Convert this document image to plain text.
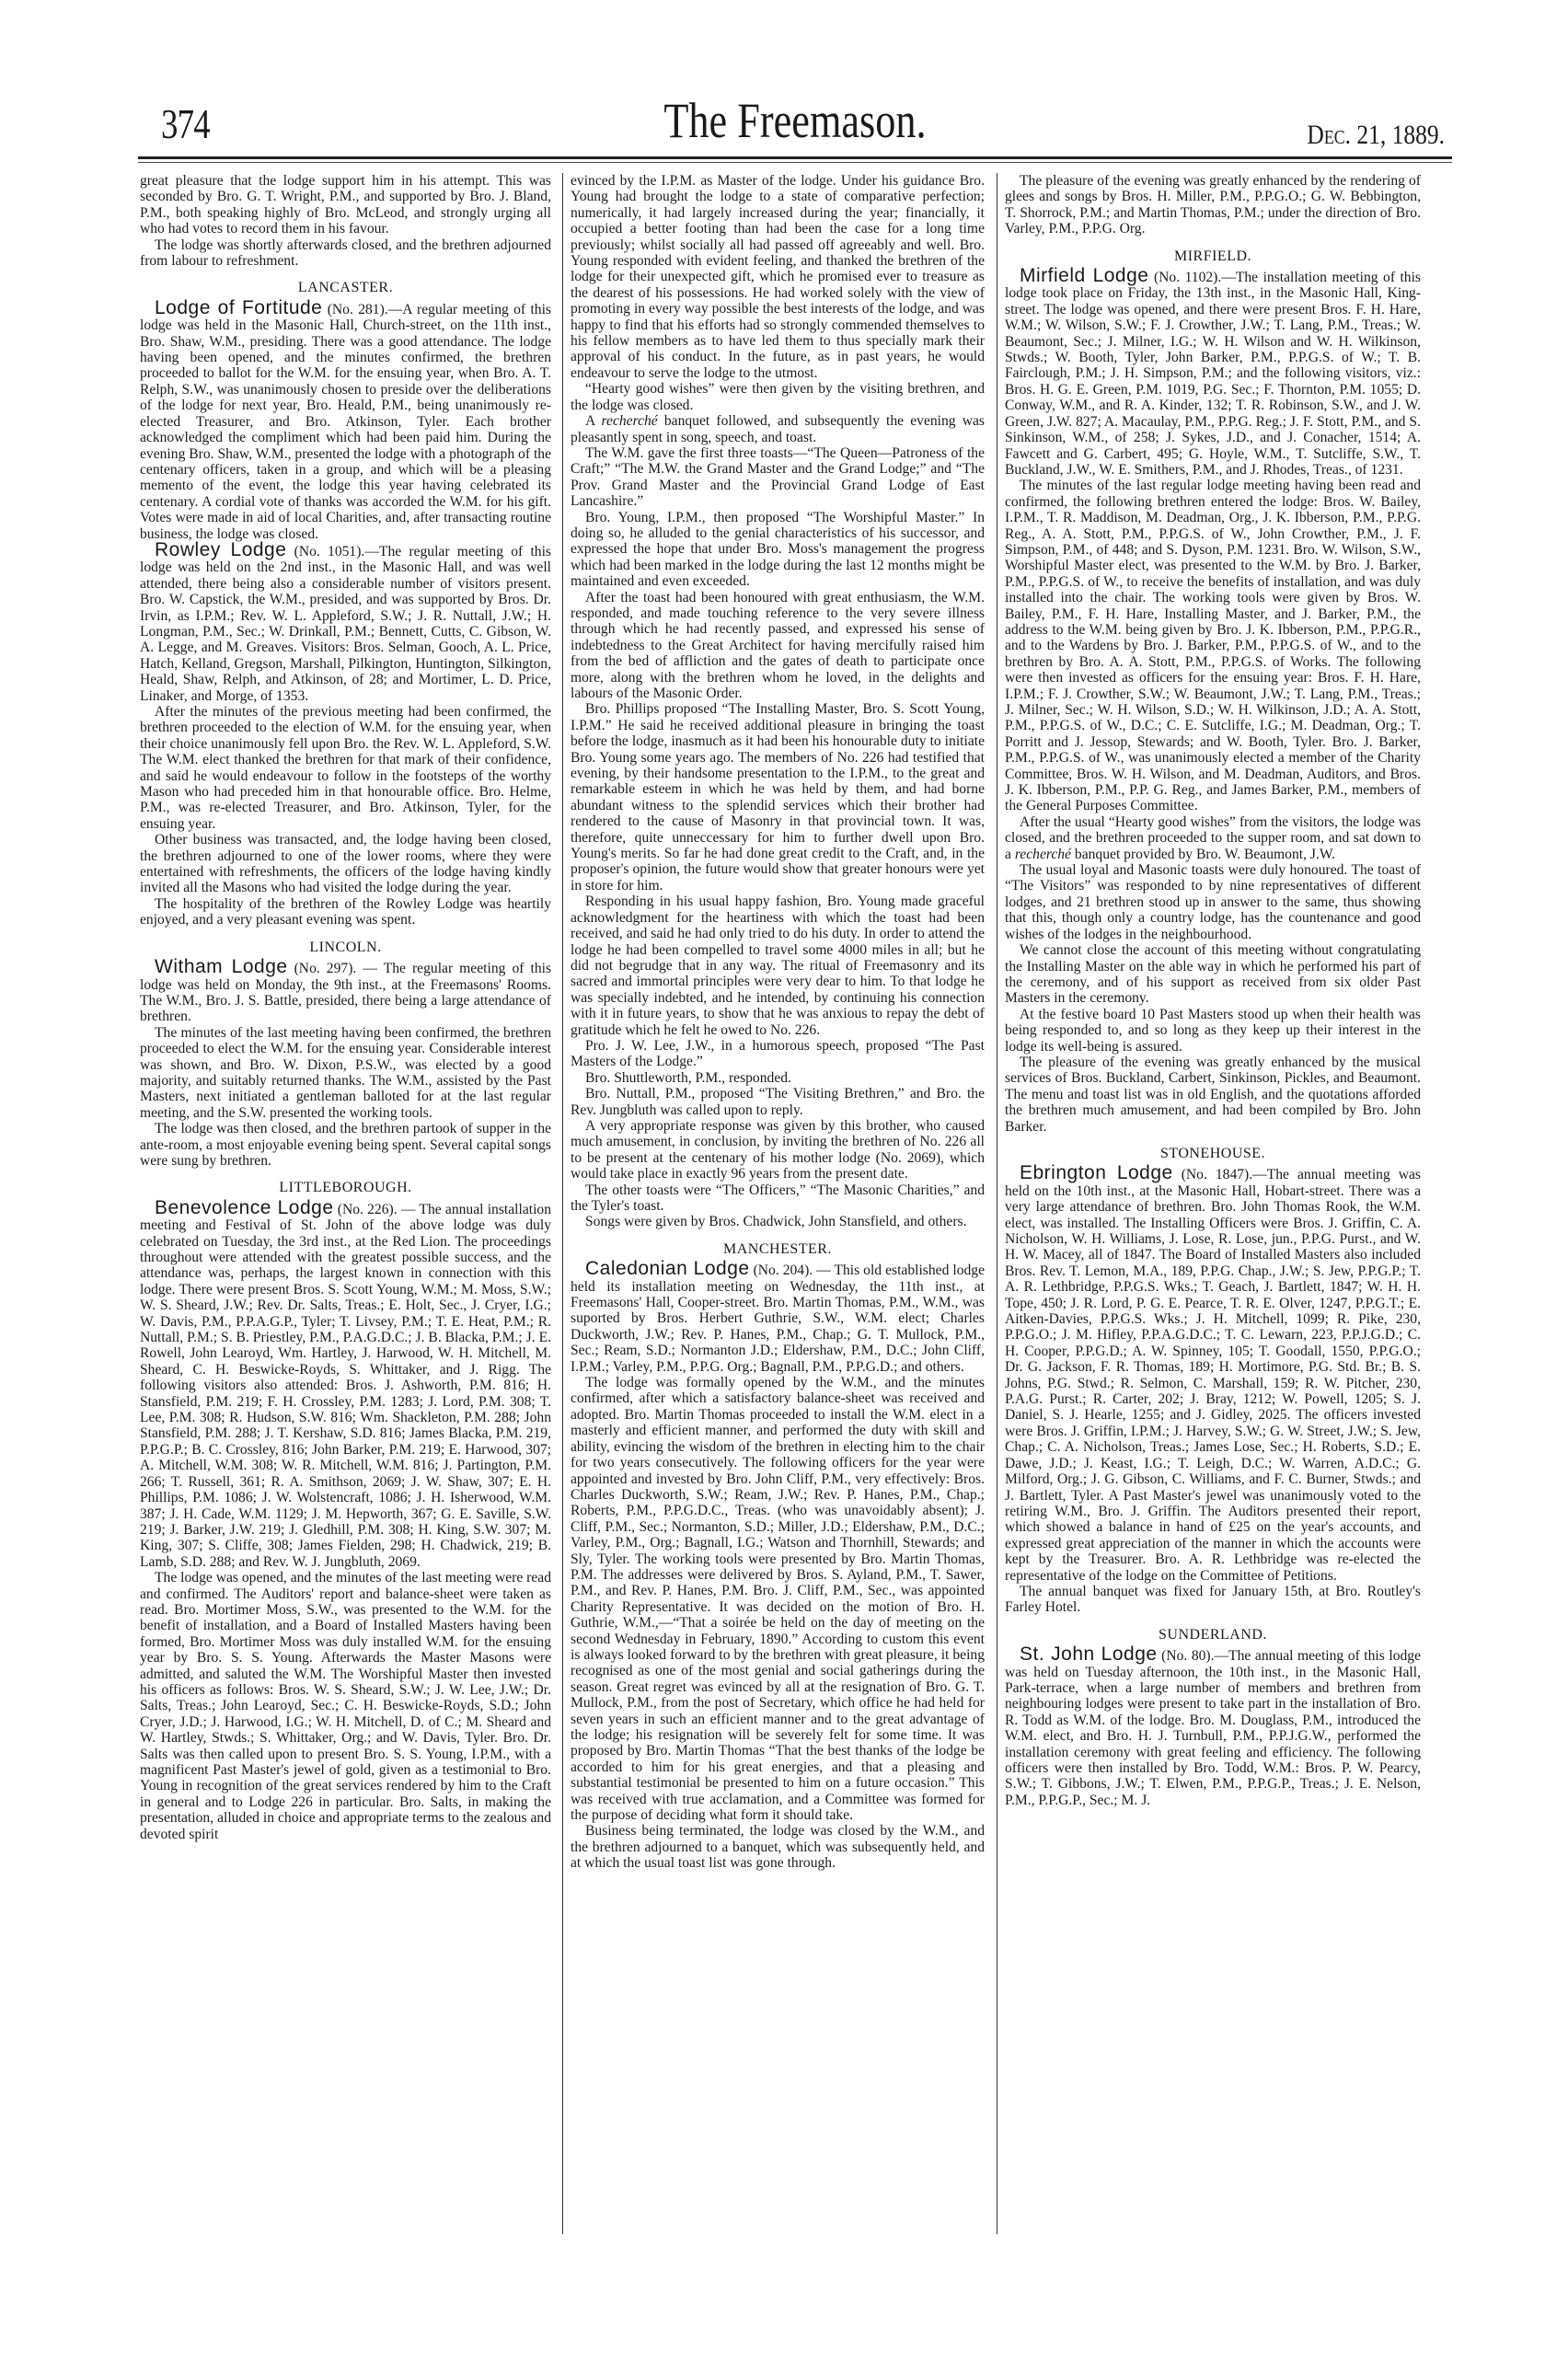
374	The Freemason.	Dec. 21, 1889.

great pleasure that the lodge support him in his attempt. This was seconded by Bro. G. T. Wright, P.M., and supported by Bro. J. Bland, P.M., both speaking highly of Bro. McLeod, and strongly urging all who had votes to record them in his favour.

The lodge was shortly afterwards closed, and the brethren adjourned from labour to refreshment.

LANCASTER.

Lodge of Fortitude (No. 281).—A regular meeting of this lodge was held in the Masonic Hall, Church-street, on the 11th inst., Bro. Shaw, W.M., presiding. There was a good attendance. The lodge having been opened, and the minutes confirmed, the brethren proceeded to ballot for the W.M. for the ensuing year, when Bro. A. T. Relph, S.W., was unanimously chosen to preside over the deliberations of the lodge for next year, Bro. Heald, P.M., being unanimously re-elected Treasurer, and Bro. Atkinson, Tyler. Each brother acknowledged the compliment which had been paid him. During the evening Bro. Shaw, W.M., presented the lodge with a photograph of the centenary officers, taken in a group, and which will be a pleasing memento of the event, the lodge this year having celebrated its centenary. A cordial vote of thanks was accorded the W.M. for his gift. Votes were made in aid of local Charities, and, after transacting routine business, the lodge was closed.

Rowley Lodge (No. 1051).—The regular meeting of this lodge was held on the 2nd inst., in the Masonic Hall, and was well attended, there being also a considerable number of visitors present. Bro. W. Capstick, the W.M., presided, and was supported by Bros. Dr. Irvin, as I.P.M.; Rev. W. L. Appleford, S.W.; J. R. Nuttall, J.W.; H. Longman, P.M., Sec.; W. Drinkall, P.M.; Bennett, Cutts, C. Gibson, W. A. Legge, and M. Greaves. Visitors: Bros. Selman, Gooch, A. L. Price, Hatch, Kelland, Gregson, Marshall, Pilkington, Huntington, Silkington, Heald, Shaw, Relph, and Atkinson, of 28; and Mortimer, L. D. Price, Linaker, and Morge, of 1353.

After the minutes of the previous meeting had been confirmed, the brethren proceeded to the election of W.M. for the ensuing year, when their choice unanimously fell upon Bro. the Rev. W. L. Appleford, S.W. The W.M. elect thanked the brethren for that mark of their confidence, and said he would endeavour to follow in the footsteps of the worthy Mason who had preceded him in that honourable office. Bro. Helme, P.M., was re-elected Treasurer, and Bro. Atkinson, Tyler, for the ensuing year.

Other business was transacted, and, the lodge having been closed, the brethren adjourned to one of the lower rooms, where they were entertained with refreshments, the officers of the lodge having kindly invited all the Masons who had visited the lodge during the year.

The hospitality of the brethren of the Rowley Lodge was heartily enjoyed, and a very pleasant evening was spent.

LINCOLN.

Witham Lodge (No. 297). — The regular meeting of this lodge was held on Monday, the 9th inst., at the Freemasons' Rooms. The W.M., Bro. J. S. Battle, presided, there being a large attendance of brethren.

The minutes of the last meeting having been confirmed, the brethren proceeded to elect the W.M. for the ensuing year. Considerable interest was shown, and Bro. W. Dixon, P.S.W., was elected by a good majority, and suitably returned thanks. The W.M., assisted by the Past Masters, next initiated a gentleman balloted for at the last regular meeting, and the S.W. presented the working tools.

The lodge was then closed, and the brethren partook of supper in the ante-room, a most enjoyable evening being spent. Several capital songs were sung by brethren.

LITTLEBOROUGH.

Benevolence Lodge (No. 226). — The annual installation meeting and Festival of St. John of the above lodge was duly celebrated on Tuesday, the 3rd inst., at the Red Lion. The proceedings throughout were attended with the greatest possible success, and the attendance was, perhaps, the largest known in connection with this lodge. There were present Bros. S. Scott Young, W.M.; M. Moss, S.W.; W. S. Sheard, J.W.; Rev. Dr. Salts, Treas.; E. Holt, Sec., J. Cryer, I.G.; W. Davis, P.M., P.P.A.G.P., Tyler; T. Livsey, P.M.; T. E. Heat, P.M.; R. Nuttall, P.M.; S. B. Priestley, P.M., P.A.G.D.C.; J. B. Blacka, P.M.; J. E. Rowell, John Learoyd, Wm. Hartley, J. Harwood, W. H. Mitchell, M. Sheard, C. H. Beswicke-Royds, S. Whittaker, and J. Rigg. The following visitors also attended: Bros. J. Ashworth, P.M. 816; H. Stansfield, P.M. 219; F. H. Crossley, P.M. 1283; J. Lord, P.M. 308; T. Lee, P.M. 308; R. Hudson, S.W. 816; Wm. Shackleton, P.M. 288; John Stansfield, P.M. 288; J. T. Kershaw, S.D. 816; James Blacka, P.M. 219, P.P.G.P.; B. C. Crossley, 816; John Barker, P.M. 219; E. Harwood, 307; A. Mitchell, W.M. 308; W. R. Mitchell, W.M. 816; J. Partington, P.M. 266; T. Russell, 361; R. A. Smithson, 2069; J. W. Shaw, 307; E. H. Phillips, P.M. 1086; J. W. Wolstencraft, 1086; J. H. Isherwood, W.M. 387; J. H. Cade, W.M. 1129; J. M. Hepworth, 367; G. E. Saville, S.W. 219; J. Barker, J.W. 219; J. Gledhill, P.M. 308; H. King, S.W. 307; M. King, 307; S. Cliffe, 308; James Fielden, 298; H. Chadwick, 219; B. Lamb, S.D. 288; and Rev. W. J. Jungbluth, 2069.

The lodge was opened, and the minutes of the last meeting were read and confirmed. The Auditors' report and balance-sheet were taken as read. Bro. Mortimer Moss, S.W., was presented to the W.M. for the benefit of installation, and a Board of Installed Masters having been formed, Bro. Mortimer Moss was duly installed W.M. for the ensuing year by Bro. S. S. Young. Afterwards the Master Masons were admitted, and saluted the W.M. The Worshipful Master then invested his officers as follows: Bros. W. S. Sheard, S.W.; J. W. Lee, J.W.; Dr. Salts, Treas.; John Learoyd, Sec.; C. H. Beswicke-Royds, S.D.; John Cryer, J.D.; J. Harwood, I.G.; W. H. Mitchell, D. of C.; M. Sheard and W. Hartley, Stwds.; S. Whittaker, Org.; and W. Davis, Tyler. Bro. Dr. Salts was then called upon to present Bro. S. S. Young, I.P.M., with a magnificent Past Master's jewel of gold, given as a testimonial to Bro. Young in recognition of the great services rendered by him to the Craft in general and to Lodge 226 in particular. Bro. Salts, in making the presentation, alluded in choice and appropriate terms to the zealous and devoted spirit

evinced by the I.P.M. as Master of the lodge. Under his guidance Bro. Young had brought the lodge to a state of comparative perfection; numerically, it had largely increased during the year; financially, it occupied a better footing than had been the case for a long time previously; whilst socially all had passed off agreeably and well. Bro. Young responded with evident feeling, and thanked the brethren of the lodge for their unexpected gift, which he promised ever to treasure as the dearest of his possessions. He had worked solely with the view of promoting in every way possible the best interests of the lodge, and was happy to find that his efforts had so strongly commended themselves to his fellow members as to have led them to thus specially mark their approval of his conduct. In the future, as in past years, he would endeavour to serve the lodge to the utmost.

“Hearty good wishes” were then given by the visiting brethren, and the lodge was closed.

A recherché banquet followed, and subsequently the evening was pleasantly spent in song, speech, and toast.

The W.M. gave the first three toasts—“The Queen—Patroness of the Craft;” “The M.W. the Grand Master and the Grand Lodge;” and “The Prov. Grand Master and the Provincial Grand Lodge of East Lancashire.”

Bro. Young, I.P.M., then proposed “The Worshipful Master.” In doing so, he alluded to the genial characteristics of his successor, and expressed the hope that under Bro. Moss's management the progress which had been marked in the lodge during the last 12 months might be maintained and even exceeded.

After the toast had been honoured with great enthusiasm, the W.M. responded, and made touching reference to the very severe illness through which he had recently passed, and expressed his sense of indebtedness to the Great Architect for having mercifully raised him from the bed of affliction and the gates of death to participate once more, along with the brethren whom he loved, in the delights and labours of the Masonic Order.

Bro. Phillips proposed “The Installing Master, Bro. S. Scott Young, I.P.M.” He said he received additional pleasure in bringing the toast before the lodge, inasmuch as it had been his honourable duty to initiate Bro. Young some years ago. The members of No. 226 had testified that evening, by their handsome presentation to the I.P.M., to the great and remarkable esteem in which he was held by them, and had borne abundant witness to the splendid services which their brother had rendered to the cause of Masonry in that provincial town. It was, therefore, quite unneccessary for him to further dwell upon Bro. Young's merits. So far he had done great credit to the Craft, and, in the proposer's opinion, the future would show that greater honours were yet in store for him.

Responding in his usual happy fashion, Bro. Young made graceful acknowledgment for the heartiness with which the toast had been received, and said he had only tried to do his duty. In order to attend the lodge he had been compelled to travel some 4000 miles in all; but he did not begrudge that in any way. The ritual of Freemasonry and its sacred and immortal principles were very dear to him. To that lodge he was specially indebted, and he intended, by continuing his connection with it in future years, to show that he was anxious to repay the debt of gratitude which he felt he owed to No. 226.

Pro. J. W. Lee, J.W., in a humorous speech, proposed “The Past Masters of the Lodge.”

Bro. Shuttleworth, P.M., responded.

Bro. Nuttall, P.M., proposed “The Visiting Brethren,” and Bro. the Rev. Jungbluth was called upon to reply.

A very appropriate response was given by this brother, who caused much amusement, in conclusion, by inviting the brethren of No. 226 all to be present at the centenary of his mother lodge (No. 2069), which would take place in exactly 96 years from the present date.

The other toasts were “The Officers,” “The Masonic Charities,” and the Tyler's toast.

Songs were given by Bros. Chadwick, John Stansfield, and others.

MANCHESTER.

Caledonian Lodge (No. 204). — This old established lodge held its installation meeting on Wednesday, the 11th inst., at Freemasons' Hall, Cooper-street. Bro. Martin Thomas, P.M., W.M., was suported by Bros. Herbert Guthrie, S.W., W.M. elect; Charles Duckworth, J.W.; Rev. P. Hanes, P.M., Chap.; G. T. Mullock, P.M., Sec.; Ream, S.D.; Normanton J.D.; Eldershaw, P.M., D.C.; John Cliff, I.P.M.; Varley, P.M., P.P.G. Org.; Bagnall, P.M., P.P.G.D.; and others.

The lodge was formally opened by the W.M., and the minutes confirmed, after which a satisfactory balance-sheet was received and adopted. Bro. Martin Thomas proceeded to install the W.M. elect in a masterly and efficient manner, and performed the duty with skill and ability, evincing the wisdom of the brethren in electing him to the chair for two years consecutively. The following officers for the year were appointed and invested by Bro. John Cliff, P.M., very effectively: Bros. Charles Duckworth, S.W.; Ream, J.W.; Rev. P. Hanes, P.M., Chap.; Roberts, P.M., P.P.G.D.C., Treas. (who was unavoidably absent); J. Cliff, P.M., Sec.; Normanton, S.D.; Miller, J.D.; Eldershaw, P.M., D.C.; Varley, P.M., Org.; Bagnall, I.G.; Watson and Thornhill, Stewards; and Sly, Tyler. The working tools were presented by Bro. Martin Thomas, P.M. The addresses were delivered by Bros. S. Ayland, P.M., T. Sawer, P.M., and Rev. P. Hanes, P.M. Bro. J. Cliff, P.M., Sec., was appointed Charity Representative. It was decided on the motion of Bro. H. Guthrie, W.M.,—“That a soirée be held on the day of meeting on the second Wednesday in February, 1890.” According to custom this event is always looked forward to by the brethren with great pleasure, it being recognised as one of the most genial and social gatherings during the season. Great regret was evinced by all at the resignation of Bro. G. T. Mullock, P.M., from the post of Secretary, which office he had held for seven years in such an efficient manner and to the great advantage of the lodge; his resignation will be severely felt for some time. It was proposed by Bro. Martin Thomas “That the best thanks of the lodge be accorded to him for his great energies, and that a pleasing and substantial testimonial be presented to him on a future occasion.” This was received with true acclamation, and a Committee was formed for the purpose of deciding what form it should take.

Business being terminated, the lodge was closed by the W.M., and the brethren adjourned to a banquet, which was subsequently held, and at which the usual toast list was gone through.

The pleasure of the evening was greatly enhanced by the rendering of glees and songs by Bros. H. Miller, P.M., P.P.G.O.; G. W. Bebbington, T. Shorrock, P.M.; and Martin Thomas, P.M.; under the direction of Bro. Varley, P.M., P.P.G. Org.

MIRFIELD.

Mirfield Lodge (No. 1102).—The installation meeting of this lodge took place on Friday, the 13th inst., in the Masonic Hall, King-street. The lodge was opened, and there were present Bros. F. H. Hare, W.M.; W. Wilson, S.W.; F. J. Crowther, J.W.; T. Lang, P.M., Treas.; W. Beaumont, Sec.; J. Milner, I.G.; W. H. Wilson and W. H. Wilkinson, Stwds.; W. Booth, Tyler, John Barker, P.M., P.P.G.S. of W.; T. B. Fairclough, P.M.; J. H. Simpson, P.M.; and the following visitors, viz.: Bros. H. G. E. Green, P.M. 1019, P.G. Sec.; F. Thornton, P.M. 1055; D. Conway, W.M., and R. A. Kinder, 132; T. R. Robinson, S.W., and J. W. Green, J.W. 827; A. Macaulay, P.M., P.P.G. Reg.; J. F. Stott, P.M., and S. Sinkinson, W.M., of 258; J. Sykes, J.D., and J. Conacher, 1514; A. Fawcett and G. Carbert, 495; G. Hoyle, W.M., T. Sutcliffe, S.W., T. Buckland, J.W., W. E. Smithers, P.M., and J. Rhodes, Treas., of 1231.

The minutes of the last regular lodge meeting having been read and confirmed, the following brethren entered the lodge: Bros. W. Bailey, I.P.M., T. R. Maddison, M. Deadman, Org., J. K. Ibberson, P.M., P.P.G. Reg., A. A. Stott, P.M., P.P.G.S. of W., John Crowther, P.M., J. F. Simpson, P.M., of 448; and S. Dyson, P.M. 1231. Bro. W. Wilson, S.W., Worshipful Master elect, was presented to the W.M. by Bro. J. Barker, P.M., P.P.G.S. of W., to receive the benefits of installation, and was duly installed into the chair. The working tools were given by Bros. W. Bailey, P.M., F. H. Hare, Installing Master, and J. Barker, P.M., the address to the W.M. being given by Bro. J. K. Ibberson, P.M., P.P.G.R., and to the Wardens by Bro. J. Barker, P.M., P.P.G.S. of W., and to the brethren by Bro. A. A. Stott, P.M., P.P.G.S. of Works. The following were then invested as officers for the ensuing year: Bros. F. H. Hare, I.P.M.; F. J. Crowther, S.W.; W. Beaumont, J.W.; T. Lang, P.M., Treas.; J. Milner, Sec.; W. H. Wilson, S.D.; W. H. Wilkinson, J.D.; A. A. Stott, P.M., P.P.G.S. of W., D.C.; C. E. Sutcliffe, I.G.; M. Deadman, Org.; T. Porritt and J. Jessop, Stewards; and W. Booth, Tyler. Bro. J. Barker, P.M., P.P.G.S. of W., was unanimously elected a member of the Charity Committee, Bros. W. H. Wilson, and M. Deadman, Auditors, and Bros. J. K. Ibberson, P.M., P.P. G. Reg., and James Barker, P.M., members of the General Purposes Committee.

After the usual “Hearty good wishes” from the visitors, the lodge was closed, and the brethren proceeded to the supper room, and sat down to a recherché banquet provided by Bro. W. Beaumont, J.W.

The usual loyal and Masonic toasts were duly honoured. The toast of “The Visitors” was responded to by nine representatives of different lodges, and 21 brethren stood up in answer to the same, thus showing that this, though only a country lodge, has the countenance and good wishes of the lodges in the neighbourhood.

We cannot close the account of this meeting without congratulating the Installing Master on the able way in which he performed his part of the ceremony, and of his support as received from six older Past Masters in the ceremony.

At the festive board 10 Past Masters stood up when their health was being responded to, and so long as they keep up their interest in the lodge its well-being is assured.

The pleasure of the evening was greatly enhanced by the musical services of Bros. Buckland, Carbert, Sinkinson, Pickles, and Beaumont. The menu and toast list was in old English, and the quotations afforded the brethren much amusement, and had been compiled by Bro. John Barker.

STONEHOUSE.

Ebrington Lodge (No. 1847).—The annual meeting was held on the 10th inst., at the Masonic Hall, Hobart-street. There was a very large attendance of brethren. Bro. John Thomas Rook, the W.M. elect, was installed. The Installing Officers were Bros. J. Griffin, C. A. Nicholson, W. H. Williams, J. Lose, R. Lose, jun., P.P.G. Purst., and W. H. W. Macey, all of 1847. The Board of Installed Masters also included Bros. Rev. T. Lemon, M.A., 189, P.P.G. Chap., J.W.; S. Jew, P.P.G.P.; T. A. R. Lethbridge, P.P.G.S. Wks.; T. Geach, J. Bartlett, 1847; W. H. H. Tope, 450; J. R. Lord, P. G. E. Pearce, T. R. E. Olver, 1247, P.P.G.T.; E. Aitken-Davies, P.P.G.S. Wks.; J. H. Mitchell, 1099; R. Pike, 230, P.P.G.O.; J. M. Hifley, P.P.A.G.D.C.; T. C. Lewarn, 223, P.P.J.G.D.; C. H. Cooper, P.P.G.D.; A. W. Spinney, 105; T. Goodall, 1550, P.P.G.O.; Dr. G. Jackson, F. R. Thomas, 189; H. Mortimore, P.G. Std. Br.; B. S. Johns, P.G. Stwd.; R. Selmon, C. Marshall, 159; R. W. Pitcher, 230, P.A.G. Purst.; R. Carter, 202; J. Bray, 1212; W. Powell, 1205; S. J. Daniel, S. J. Hearle, 1255; and J. Gidley, 2025. The officers invested were Bros. J. Griffin, I.P.M.; J. Harvey, S.W.; G. W. Street, J.W.; S. Jew, Chap.; C. A. Nicholson, Treas.; James Lose, Sec.; H. Roberts, S.D.; E. Dawe, J.D.; J. Keast, I.G.; T. Leigh, D.C.; W. Warren, A.D.C.; G. Milford, Org.; J. G. Gibson, C. Williams, and F. C. Burner, Stwds.; and J. Bartlett, Tyler. A Past Master's jewel was unanimously voted to the retiring W.M., Bro. J. Griffin. The Auditors presented their report, which showed a balance in hand of £25 on the year's accounts, and expressed great appreciation of the manner in which the accounts were kept by the Treasurer. Bro. A. R. Lethbridge was re-elected the representative of the lodge on the Committee of Petitions.

The annual banquet was fixed for January 15th, at Bro. Routley's Farley Hotel.

SUNDERLAND.

St. John Lodge (No. 80).—The annual meeting of this lodge was held on Tuesday afternoon, the 10th inst., in the Masonic Hall, Park-terrace, when a large number of members and brethren from neighbouring lodges were present to take part in the installation of Bro. R. Todd as W.M. of the lodge. Bro. M. Douglass, P.M., introduced the W.M. elect, and Bro. H. J. Turnbull, P.M., P.P.J.G.W., performed the installation ceremony with great feeling and efficiency. The following officers were then installed by Bro. Todd, W.M.: Bros. P. W. Pearcy, S.W.; T. Gibbons, J.W.; T. Elwen, P.M., P.P.G.P., Treas.; J. E. Nelson, P.M., P.P.G.P., Sec.; M. J.
